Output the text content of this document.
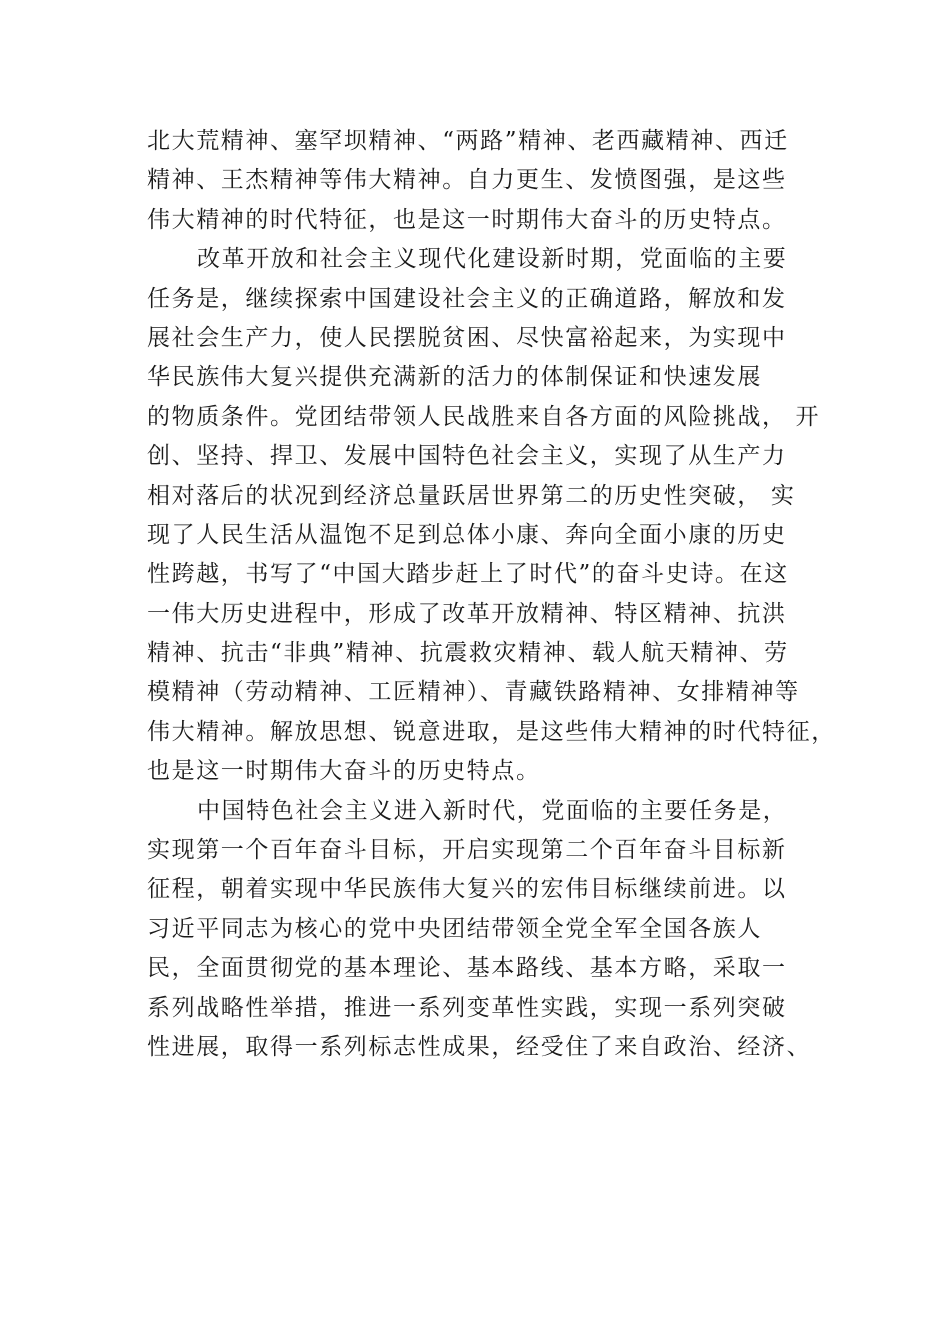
北大荒精神、塞罕坝精神、“两路”精神、老西藏精神、西迁
精神、王杰精神等伟大精神。自力更生、发愤图强，是这些
伟大精神的时代特征，也是这一时期伟大奋斗的历史特点。
改革开放和社会主义现代化建设新时期，党面临的主要
任务是，继续探索中国建设社会主义的正确道路，解放和发
展社会生产力，使人民摆脱贫困、尽快富裕起来，为实现中
华民族伟大复兴提供充满新的活力的体制保证和快速发展
的物质条件。党团结带领人民战胜来自各方面的风险挑战， 开
创、坚持、捍卫、发展中国特色社会主义，实现了从生产力
相对落后的状况到经济总量跃居世界第二的历史性突破， 实
现了人民生活从温饱不足到总体小康、奔向全面小康的历史
性跨越，书写了“中国大踏步赶上了时代”的奋斗史诗。在这
一伟大历史进程中，形成了改革开放精神、特区精神、抗洪
精神、抗击“非典”精神、抗震救灾精神、载人航天精神、劳
模精神（劳动精神、工匠精神）、青藏铁路精神、女排精神等
伟大精神。解放思想、锐意进取，是这些伟大精神的时代特征，
也是这一时期伟大奋斗的历史特点。
中国特色社会主义进入新时代，党面临的主要任务是，
实现第一个百年奋斗目标，开启实现第二个百年奋斗目标新
征程，朝着实现中华民族伟大复兴的宏伟目标继续前进。以
习近平同志为核心的党中央团结带领全党全军全国各族人
民，全面贯彻党的基本理论、基本路线、基本方略，采取一
系列战略性举措，推进一系列变革性实践，实现一系列突破
性进展，取得一系列标志性成果，经受住了来自政治、经济、
